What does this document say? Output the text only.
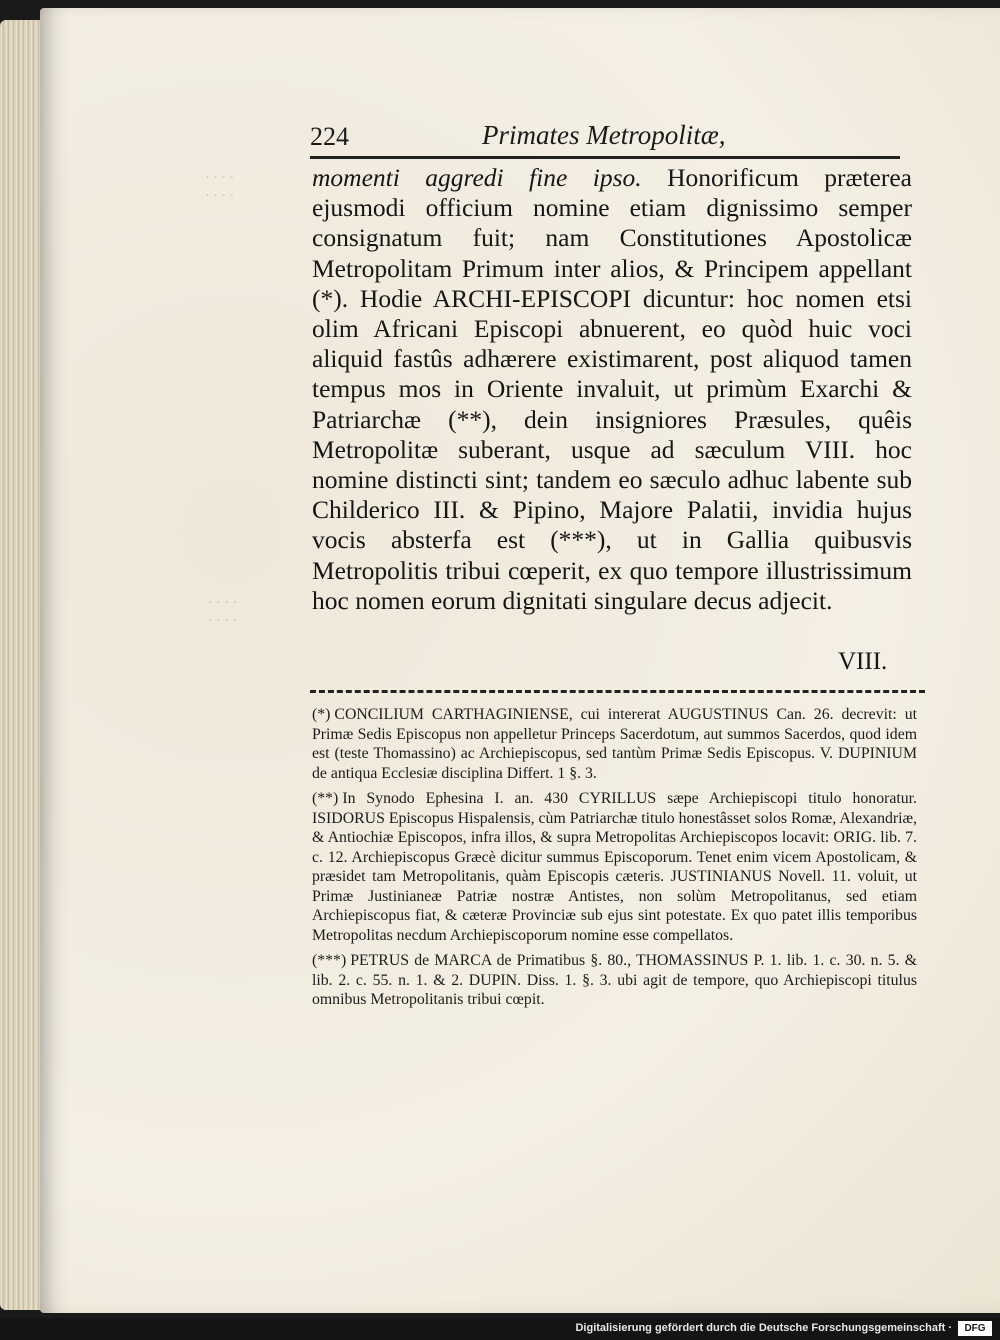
· · · ·
· · · ·
· · · ·
· · · ·
224	Primates Metropolitæ,

momenti aggredi fine ipso. Honorificum præterea ejusmodi officium nomine etiam dignissimo semper consignatum fuit; nam Constitutiones Apostolicæ Metropolitam Primum inter alios, & Principem appellant (*). Hodie ARCHI-EPISCOPI dicuntur: hoc nomen etsi olim Africani Episcopi abnuerent, eo quòd huic voci aliquid fastûs adhærere existimarent, post aliquod tamen tempus mos in Oriente invaluit, ut primùm Exarchi & Patriarchæ (**), dein insigniores Præsules, quêis Metropolitæ suberant, usque ad sæculum VIII. hoc nomine distincti sint; tandem eo sæculo adhuc labente sub Childerico III. & Pipino, Majore Palatii, invidia hujus vocis absterfa est (***), ut in Gallia quibusvis Metropolitis tribui cœperit, ex quo tempore illustrissimum hoc nomen eorum dignitati singulare decus adjecit.

VIII.

(*) CONCILIUM CARTHAGINIENSE, cui intererat AUGUSTINUS Can. 26. decrevit: ut Primæ Sedis Episcopus non appelletur Princeps Sacerdotum, aut summos Sacerdos, quod idem est (teste Thomassino) ac Archiepiscopus, sed tantùm Primæ Sedis Episcopus. V. DUPINIUM de antiqua Ecclesiæ disciplina Differt. 1 §. 3.

(**) In Synodo Ephesina I. an. 430 CYRILLUS sæpe Archiepiscopi titulo honoratur. ISIDORUS Episcopus Hispalensis, cùm Patriarchæ titulo honestâsset solos Romæ, Alexandriæ, & Antiochiæ Episcopos, infra illos, & supra Metropolitas Archiepiscopos locavit: ORIG. lib. 7. c. 12. Archiepiscopus Græcè dicitur summus Episcoporum. Tenet enim vicem Apostolicam, & præsidet tam Metropolitanis, quàm Episcopis cæteris. JUSTINIANUS Novell. 11. voluit, ut Primæ Justinianeæ Patriæ nostræ Antistes, non solùm Metropolitanus, sed etiam Archiepiscopus fiat, & cæteræ Provinciæ sub ejus sint potestate. Ex quo patet illis temporibus Metropolitas necdum Archiepiscoporum nomine esse compellatos.

(***) PETRUS de MARCA de Primatibus §. 80., THOMASSINUS P. 1. lib. 1. c. 30. n. 5. & lib. 2. c. 55. n. 1. & 2. DUPIN. Diss. 1. §. 3. ubi agit de tempore, quo Archiepiscopi titulus omnibus Metropolitanis tribui cœpit.

Digitalisierung gefördert durch die Deutsche Forschungsgemeinschaft ·	DFG
